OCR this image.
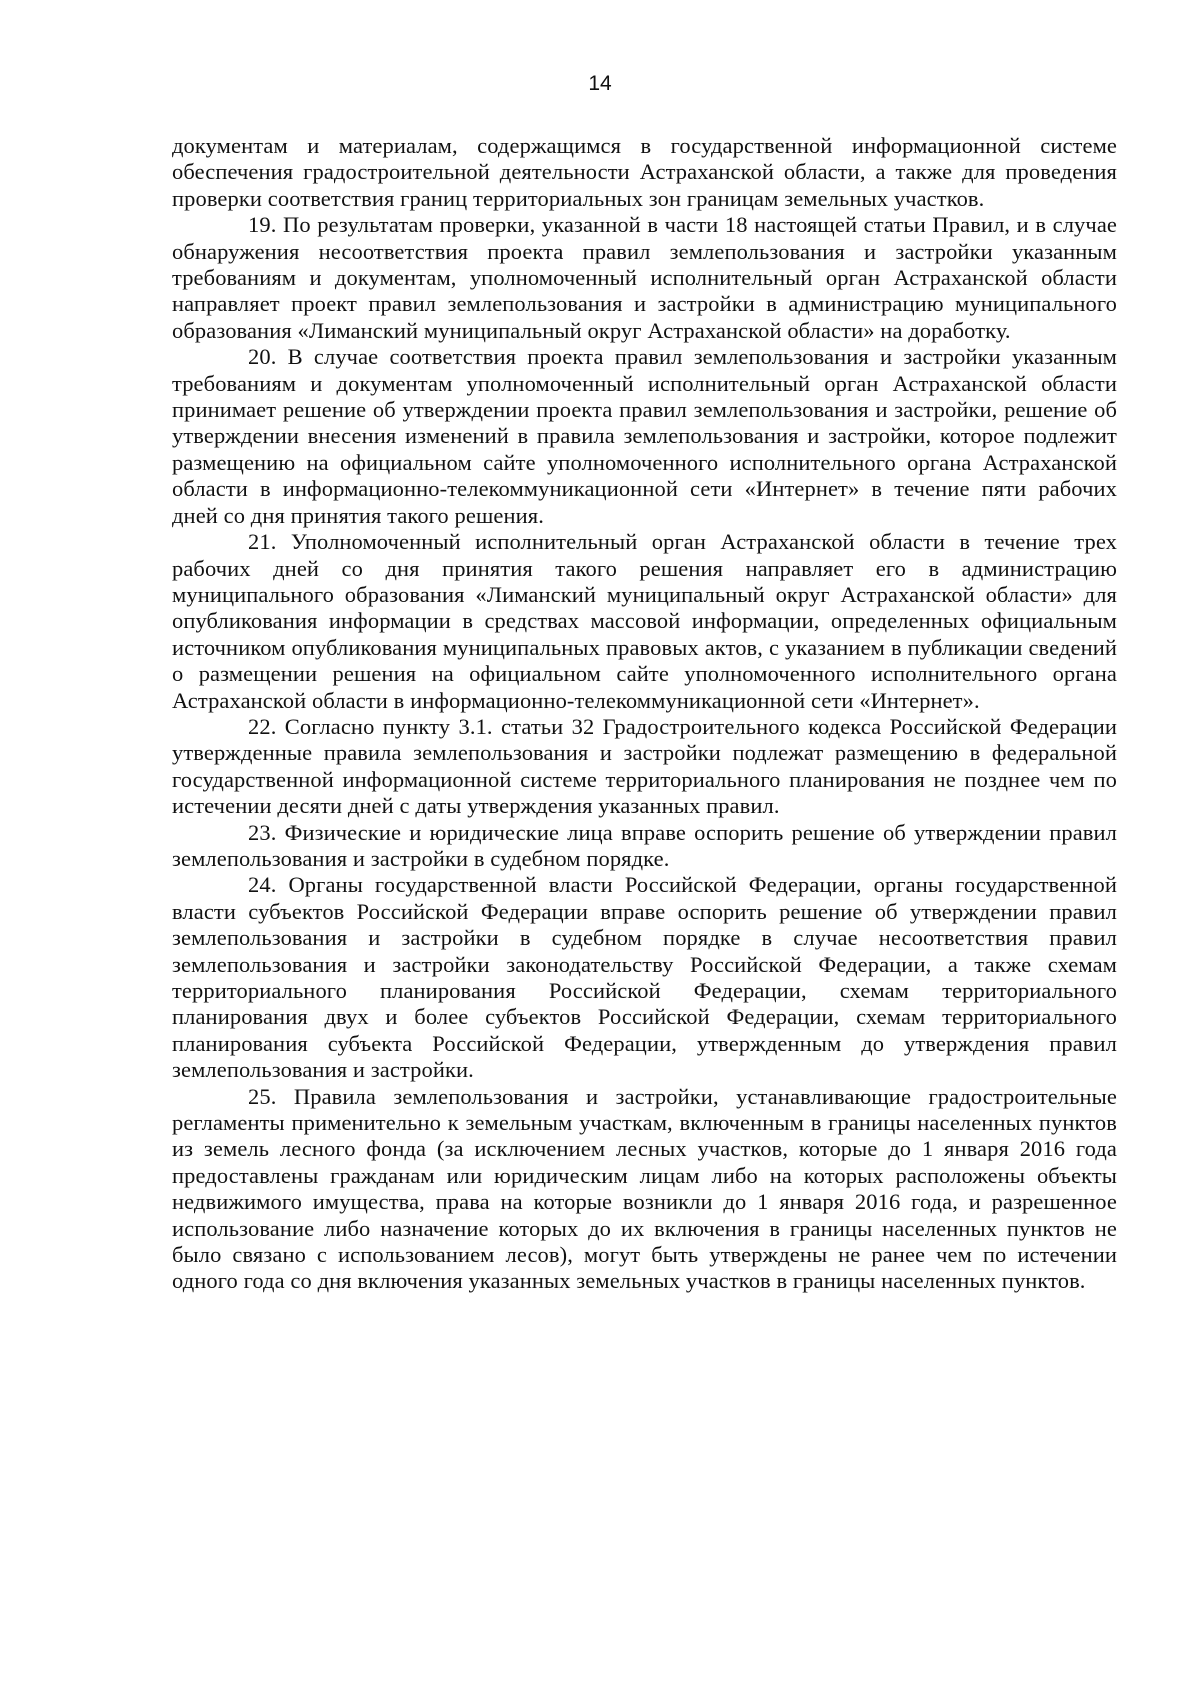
14

документам и материалам, содержащимся в государственной информационной системе обеспечения градостроительной деятельности Астраханской области, а также для проведения проверки соответствия границ территориальных зон границам земельных участков.

19. По результатам проверки, указанной в части 18 настоящей статьи Правил, и в случае обнаружения несоответствия проекта правил землепользования и застройки указанным требованиям и документам, уполномоченный исполнительный орган Астраханской области направляет проект правил землепользования и застройки в администрацию муниципального образования «Лиманский муниципальный округ Астраханской области» на доработку.

20. В случае соответствия проекта правил землепользования и застройки указанным требованиям и документам уполномоченный исполнительный орган Астраханской области принимает решение об утверждении проекта правил землепользования и застройки, решение об утверждении внесения изменений в правила землепользования и застройки, которое подлежит размещению на официальном сайте уполномоченного исполнительного органа Астраханской области в информационно-телекоммуникационной сети «Интернет» в течение пяти рабочих дней со дня принятия такого решения.

21. Уполномоченный исполнительный орган Астраханской области в течение трех рабочих дней со дня принятия такого решения направляет его в администрацию муниципального образования «Лиманский муниципальный округ Астраханской области» для опубликования информации в средствах массовой информации, определенных официальным источником опубликования муниципальных правовых актов, с указанием в публикации сведений о размещении решения на официальном сайте уполномоченного исполнительного органа Астраханской области в информационно-телекоммуникационной сети «Интернет».

22. Согласно пункту 3.1. статьи 32 Градостроительного кодекса Российской Федерации утвержденные правила землепользования и застройки подлежат размещению в федеральной государственной информационной системе территориального планирования не позднее чем по истечении десяти дней с даты утверждения указанных правил.

23. Физические и юридические лица вправе оспорить решение об утверждении правил землепользования и застройки в судебном порядке.

24. Органы государственной власти Российской Федерации, органы государственной власти субъектов Российской Федерации вправе оспорить решение об утверждении правил землепользования и застройки в судебном порядке в случае несоответствия правил землепользования и застройки законодательству Российской Федерации, а также схемам территориального планирования Российской Федерации, схемам территориального планирования двух и более субъектов Российской Федерации, схемам территориального планирования субъекта Российской Федерации, утвержденным до утверждения правил землепользования и застройки.

25. Правила землепользования и застройки, устанавливающие градостроительные регламенты применительно к земельным участкам, включенным в границы населенных пунктов из земель лесного фонда (за исключением лесных участков, которые до 1 января 2016 года предоставлены гражданам или юридическим лицам либо на которых расположены объекты недвижимого имущества, права на которые возникли до 1 января 2016 года, и разрешенное использование либо назначение которых до их включения в границы населенных пунктов не было связано с использованием лесов), могут быть утверждены не ранее чем по истечении одного года со дня включения указанных земельных участков в границы населенных пунктов.
